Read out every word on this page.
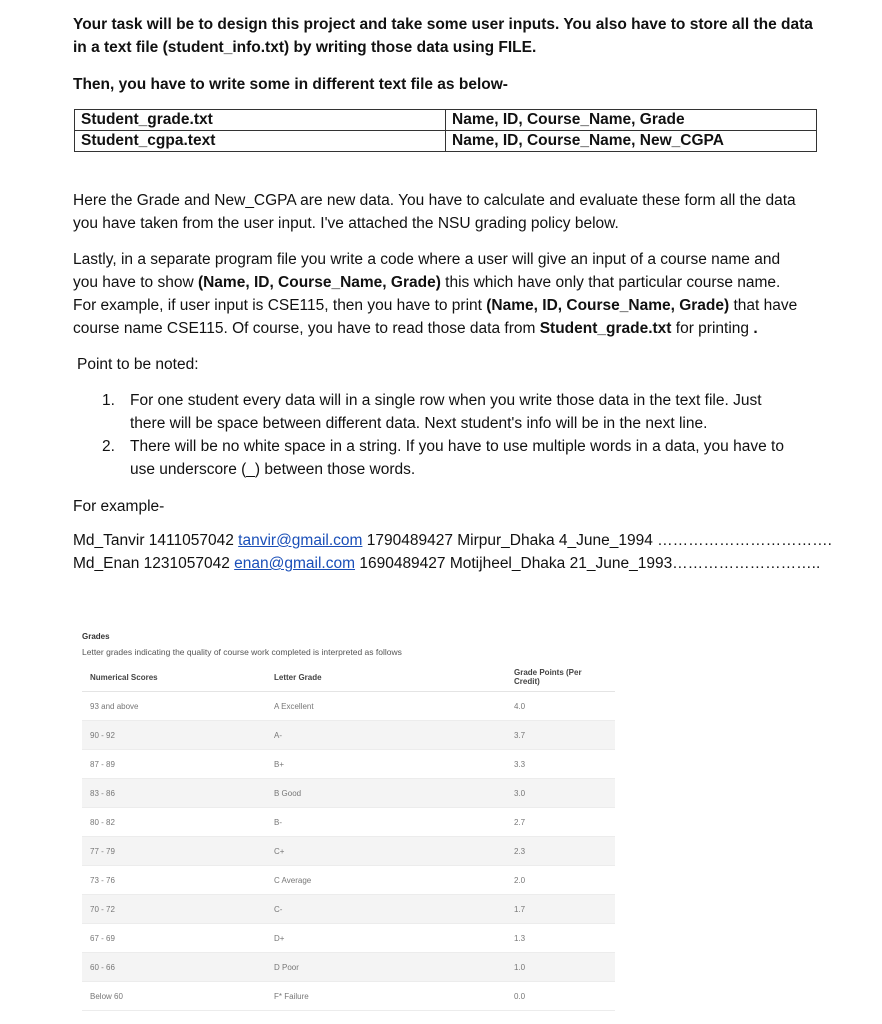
Your task will be to design this project and take some user inputs. You also have to store all the data
in a text file (student_info.txt) by writing those data using FILE.
Then, you have to write some in different text file as below-
Student_grade.txt	Name, ID, Course_Name, Grade
Student_cgpa.text	Name, ID, Course_Name, New_CGPA
Here the Grade and New_CGPA are new data. You have to calculate and evaluate these form all the data
you have taken from the user input. I've attached the NSU grading policy below.
Lastly, in a separate program file you write a code where a user will give an input of a course name and
you have to show (Name, ID, Course_Name, Grade) this which have only that particular course name.
For example, if user input is CSE115, then you have to print (Name, ID, Course_Name, Grade) that have
course name CSE115. Of course, you have to read those data from Student_grade.txt for printing .
Point to be noted:
1. For one student every data will in a single row when you write those data in the text file. Just
there will be space between different data. Next student's info will be in the next line.
2. There will be no white space in a string. If you have to use multiple words in a data, you have to
use underscore (_) between those words.
For example-
Md_Tanvir 1411057042 tanvir@gmail.com 1790489427 Mirpur_Dhaka 4_June_1994 …………………………….
Md_Enan 1231057042 enan@gmail.com 1690489427 Motijheel_Dhaka 21_June_1993………………………..
Grades
Letter grades indicating the quality of course work completed is interpreted as follows
Numerical Scores	Letter Grade	Grade Points (Per Credit)
93 and above	A Excellent	4.0
90 - 92	A-	3.7
87 - 89	B+	3.3
83 - 86	B Good	3.0
80 - 82	B-	2.7
77 - 79	C+	2.3
73 - 76	C Average	2.0
70 - 72	C-	1.7
67 - 69	D+	1.3
60 - 66	D Poor	1.0
Below 60	F* Failure	0.0
